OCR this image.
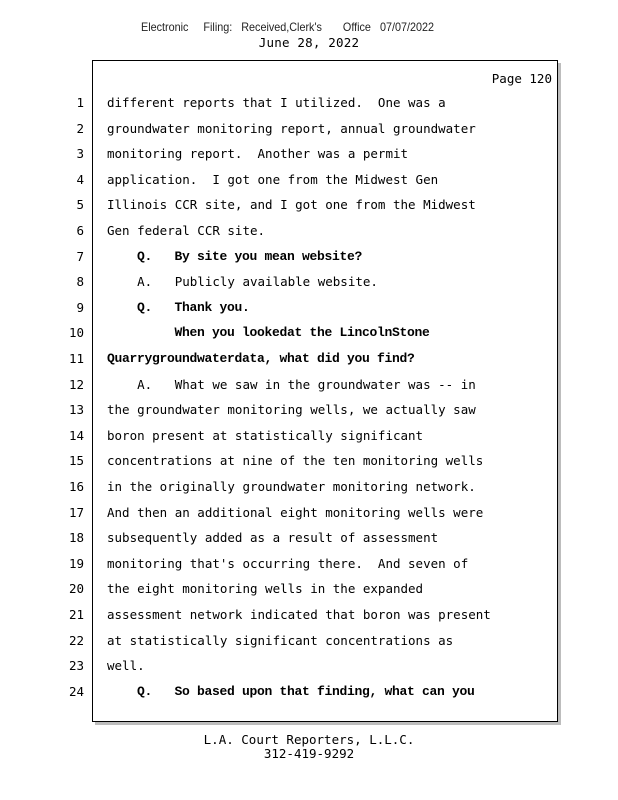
Electronic     Filing:   Received,Clerk's       Office   07/07/2022
June 28, 2022
Page 120
1 different reports that I utilized.  One was a
2 groundwater monitoring report, annual groundwater
3 monitoring report.  Another was a permit
4 application.  I got one from the Midwest Gen
5 Illinois CCR site, and I got one from the Midwest
6 Gen federal CCR site.
7 Q.   By site you mean website?
8 A.   Publicly available website.
9 Q.   Thank you.
10 When you lookedat the LincolnStone
11 Quarrygroundwaterdata, what did you find?
12 A.   What we saw in the groundwater was -- in
13 the groundwater monitoring wells, we actually saw
14 boron present at statistically significant
15 concentrations at nine of the ten monitoring wells
16 in the originally groundwater monitoring network.
17 And then an additional eight monitoring wells were
18 subsequently added as a result of assessment
19 monitoring that's occurring there.  And seven of
20 the eight monitoring wells in the expanded
21 assessment network indicated that boron was present
22 at statistically significant concentrations as
23 well.
24 Q.   So based upon that finding, what can you
L.A. Court Reporters, L.L.C.
312-419-9292
